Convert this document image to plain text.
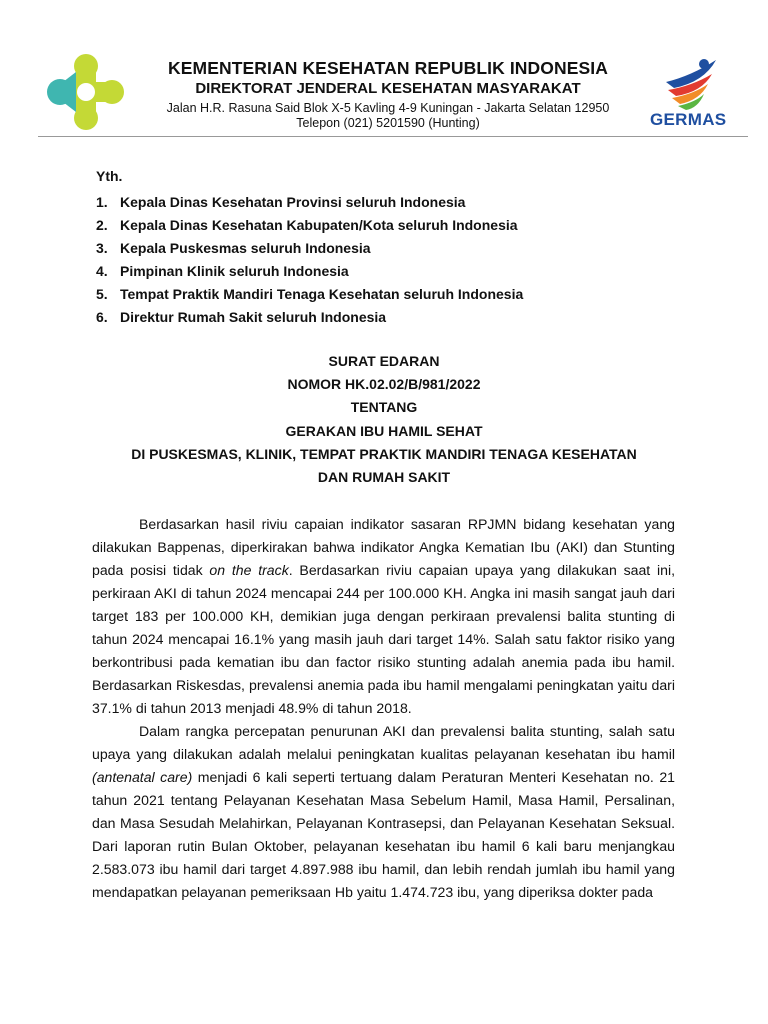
KEMENTERIAN KESEHATAN REPUBLIK INDONESIA
DIREKTORAT JENDERAL KESEHATAN MASYARAKAT
Jalan H.R. Rasuna Said Blok X-5 Kavling 4-9 Kuningan - Jakarta Selatan 12950
Telepon (021) 5201590 (Hunting)	GERMAS
Yth.
1. Kepala Dinas Kesehatan Provinsi seluruh Indonesia
2. Kepala Dinas Kesehatan Kabupaten/Kota seluruh Indonesia
3. Kepala Puskesmas seluruh Indonesia
4. Pimpinan Klinik seluruh Indonesia
5. Tempat Praktik Mandiri Tenaga Kesehatan seluruh Indonesia
6. Direktur Rumah Sakit seluruh Indonesia
SURAT EDARAN
NOMOR HK.02.02/B/981/2022
TENTANG
GERAKAN IBU HAMIL SEHAT
DI PUSKESMAS, KLINIK, TEMPAT PRAKTIK MANDIRI TENAGA KESEHATAN
DAN RUMAH SAKIT

Berdasarkan hasil riviu capaian indikator sasaran RPJMN bidang kesehatan yang dilakukan Bappenas, diperkirakan bahwa indikator Angka Kematian Ibu (AKI) dan Stunting pada posisi tidak on the track. Berdasarkan riviu capaian upaya yang dilakukan saat ini, perkiraan AKI di tahun 2024 mencapai 244 per 100.000 KH. Angka ini masih sangat jauh dari target 183 per 100.000 KH, demikian juga dengan perkiraan prevalensi balita stunting di tahun 2024 mencapai 16.1% yang masih jauh dari target 14%. Salah satu faktor risiko yang berkontribusi pada kematian ibu dan factor risiko stunting adalah anemia pada ibu hamil. Berdasarkan Riskesdas, prevalensi anemia pada ibu hamil mengalami peningkatan yaitu dari 37.1% di tahun 2013 menjadi 48.9% di tahun 2018.

Dalam rangka percepatan penurunan AKI dan prevalensi balita stunting, salah satu upaya yang dilakukan adalah melalui peningkatan kualitas pelayanan kesehatan ibu hamil (antenatal care) menjadi 6 kali seperti tertuang dalam Peraturan Menteri Kesehatan no. 21 tahun 2021 tentang Pelayanan Kesehatan Masa Sebelum Hamil, Masa Hamil, Persalinan, dan Masa Sesudah Melahirkan, Pelayanan Kontrasepsi, dan Pelayanan Kesehatan Seksual. Dari laporan rutin Bulan Oktober, pelayanan kesehatan ibu hamil 6 kali baru menjangkau 2.583.073 ibu hamil dari target 4.897.988 ibu hamil, dan lebih rendah jumlah ibu hamil yang mendapatkan pelayanan pemeriksaan Hb yaitu 1.474.723 ibu, yang diperiksa dokter pada
